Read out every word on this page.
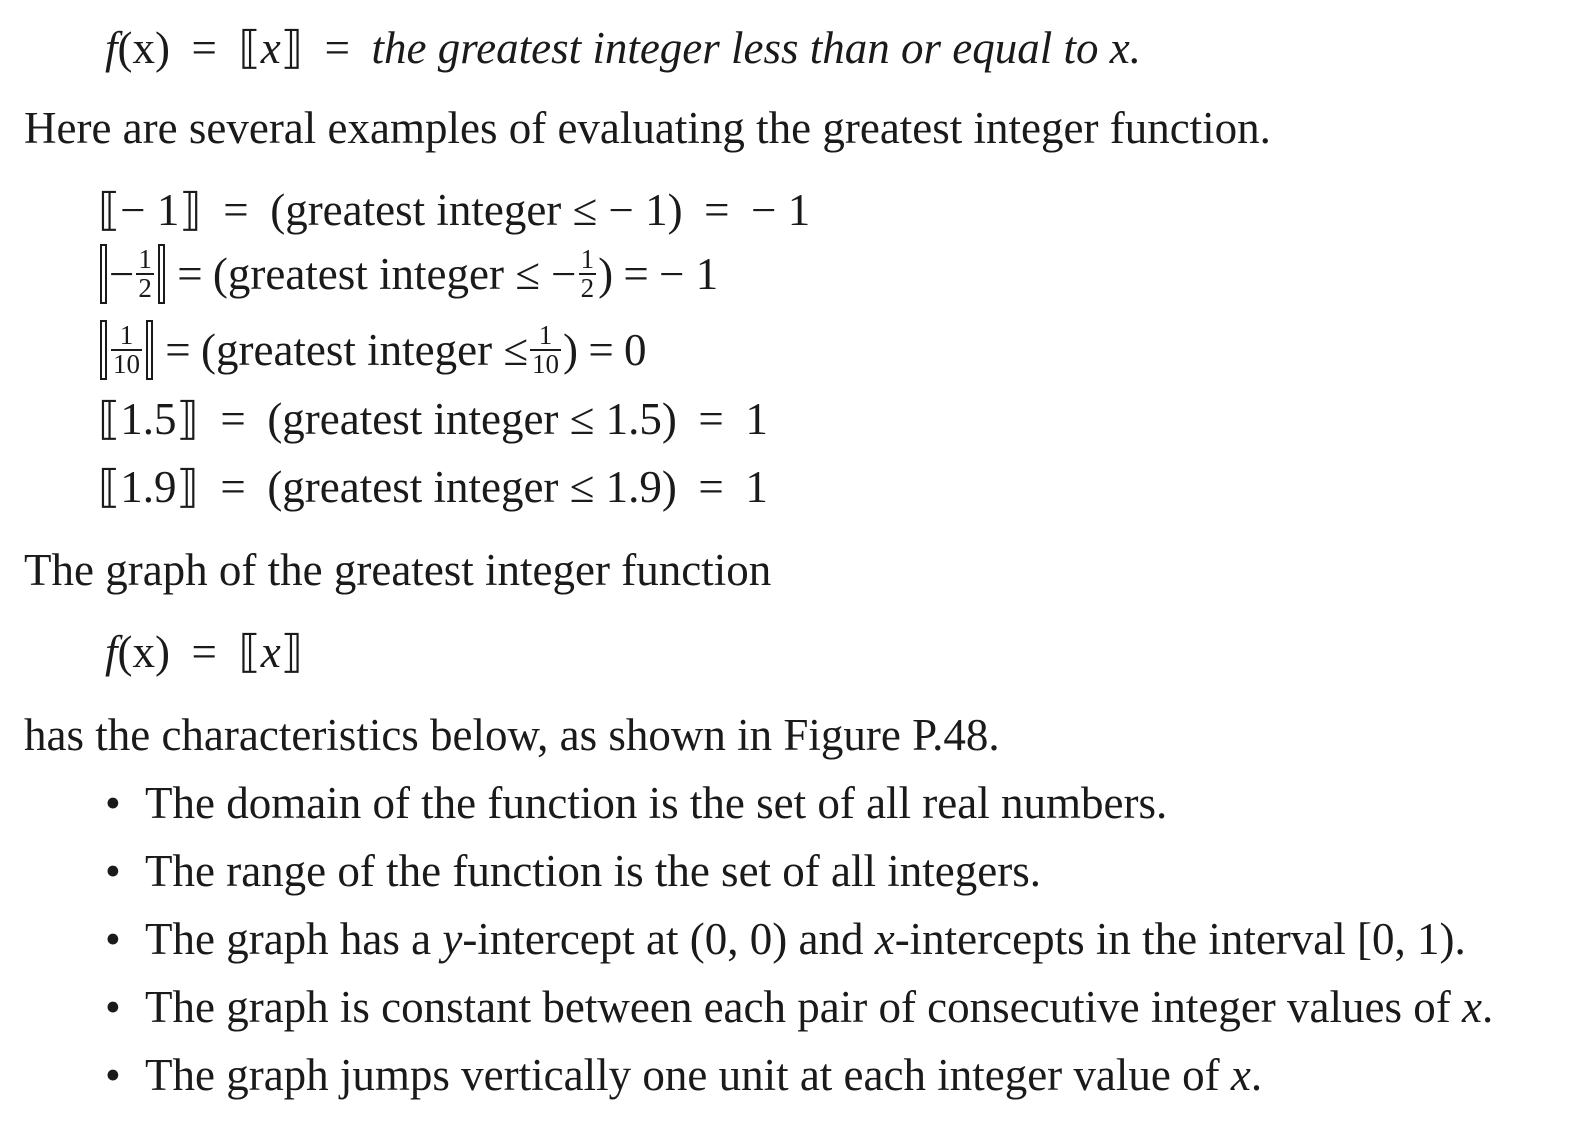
f(x) = ⟦x⟧ = the greatest integer less than or equal to x.
Here are several examples of evaluating the greatest integer function.
⟦− 1⟧ = (greatest integer ≤ − 1) = − 1
− $\frac{1}{2}$ = (greatest integer ≤ − $\frac{1}{2}$ ) = − 1
$\frac{1}{10}$ = (greatest integer ≤ $\frac{1}{10}$ ) = 0
⟦1.5⟧ = (greatest integer ≤ 1.5) = 1
⟦1.9⟧ = (greatest integer ≤ 1.9) = 1
The graph of the greatest integer function
f(x) = ⟦x⟧
has the characteristics below, as shown in Figure P.48.
• The domain of the function is the set of all real numbers.
• The range of the function is the set of all integers.
• The graph has a y-intercept at (0, 0) and x-intercepts in the interval [0, 1).
• The graph is constant between each pair of consecutive integer values of x.
• The graph jumps vertically one unit at each integer value of x.
